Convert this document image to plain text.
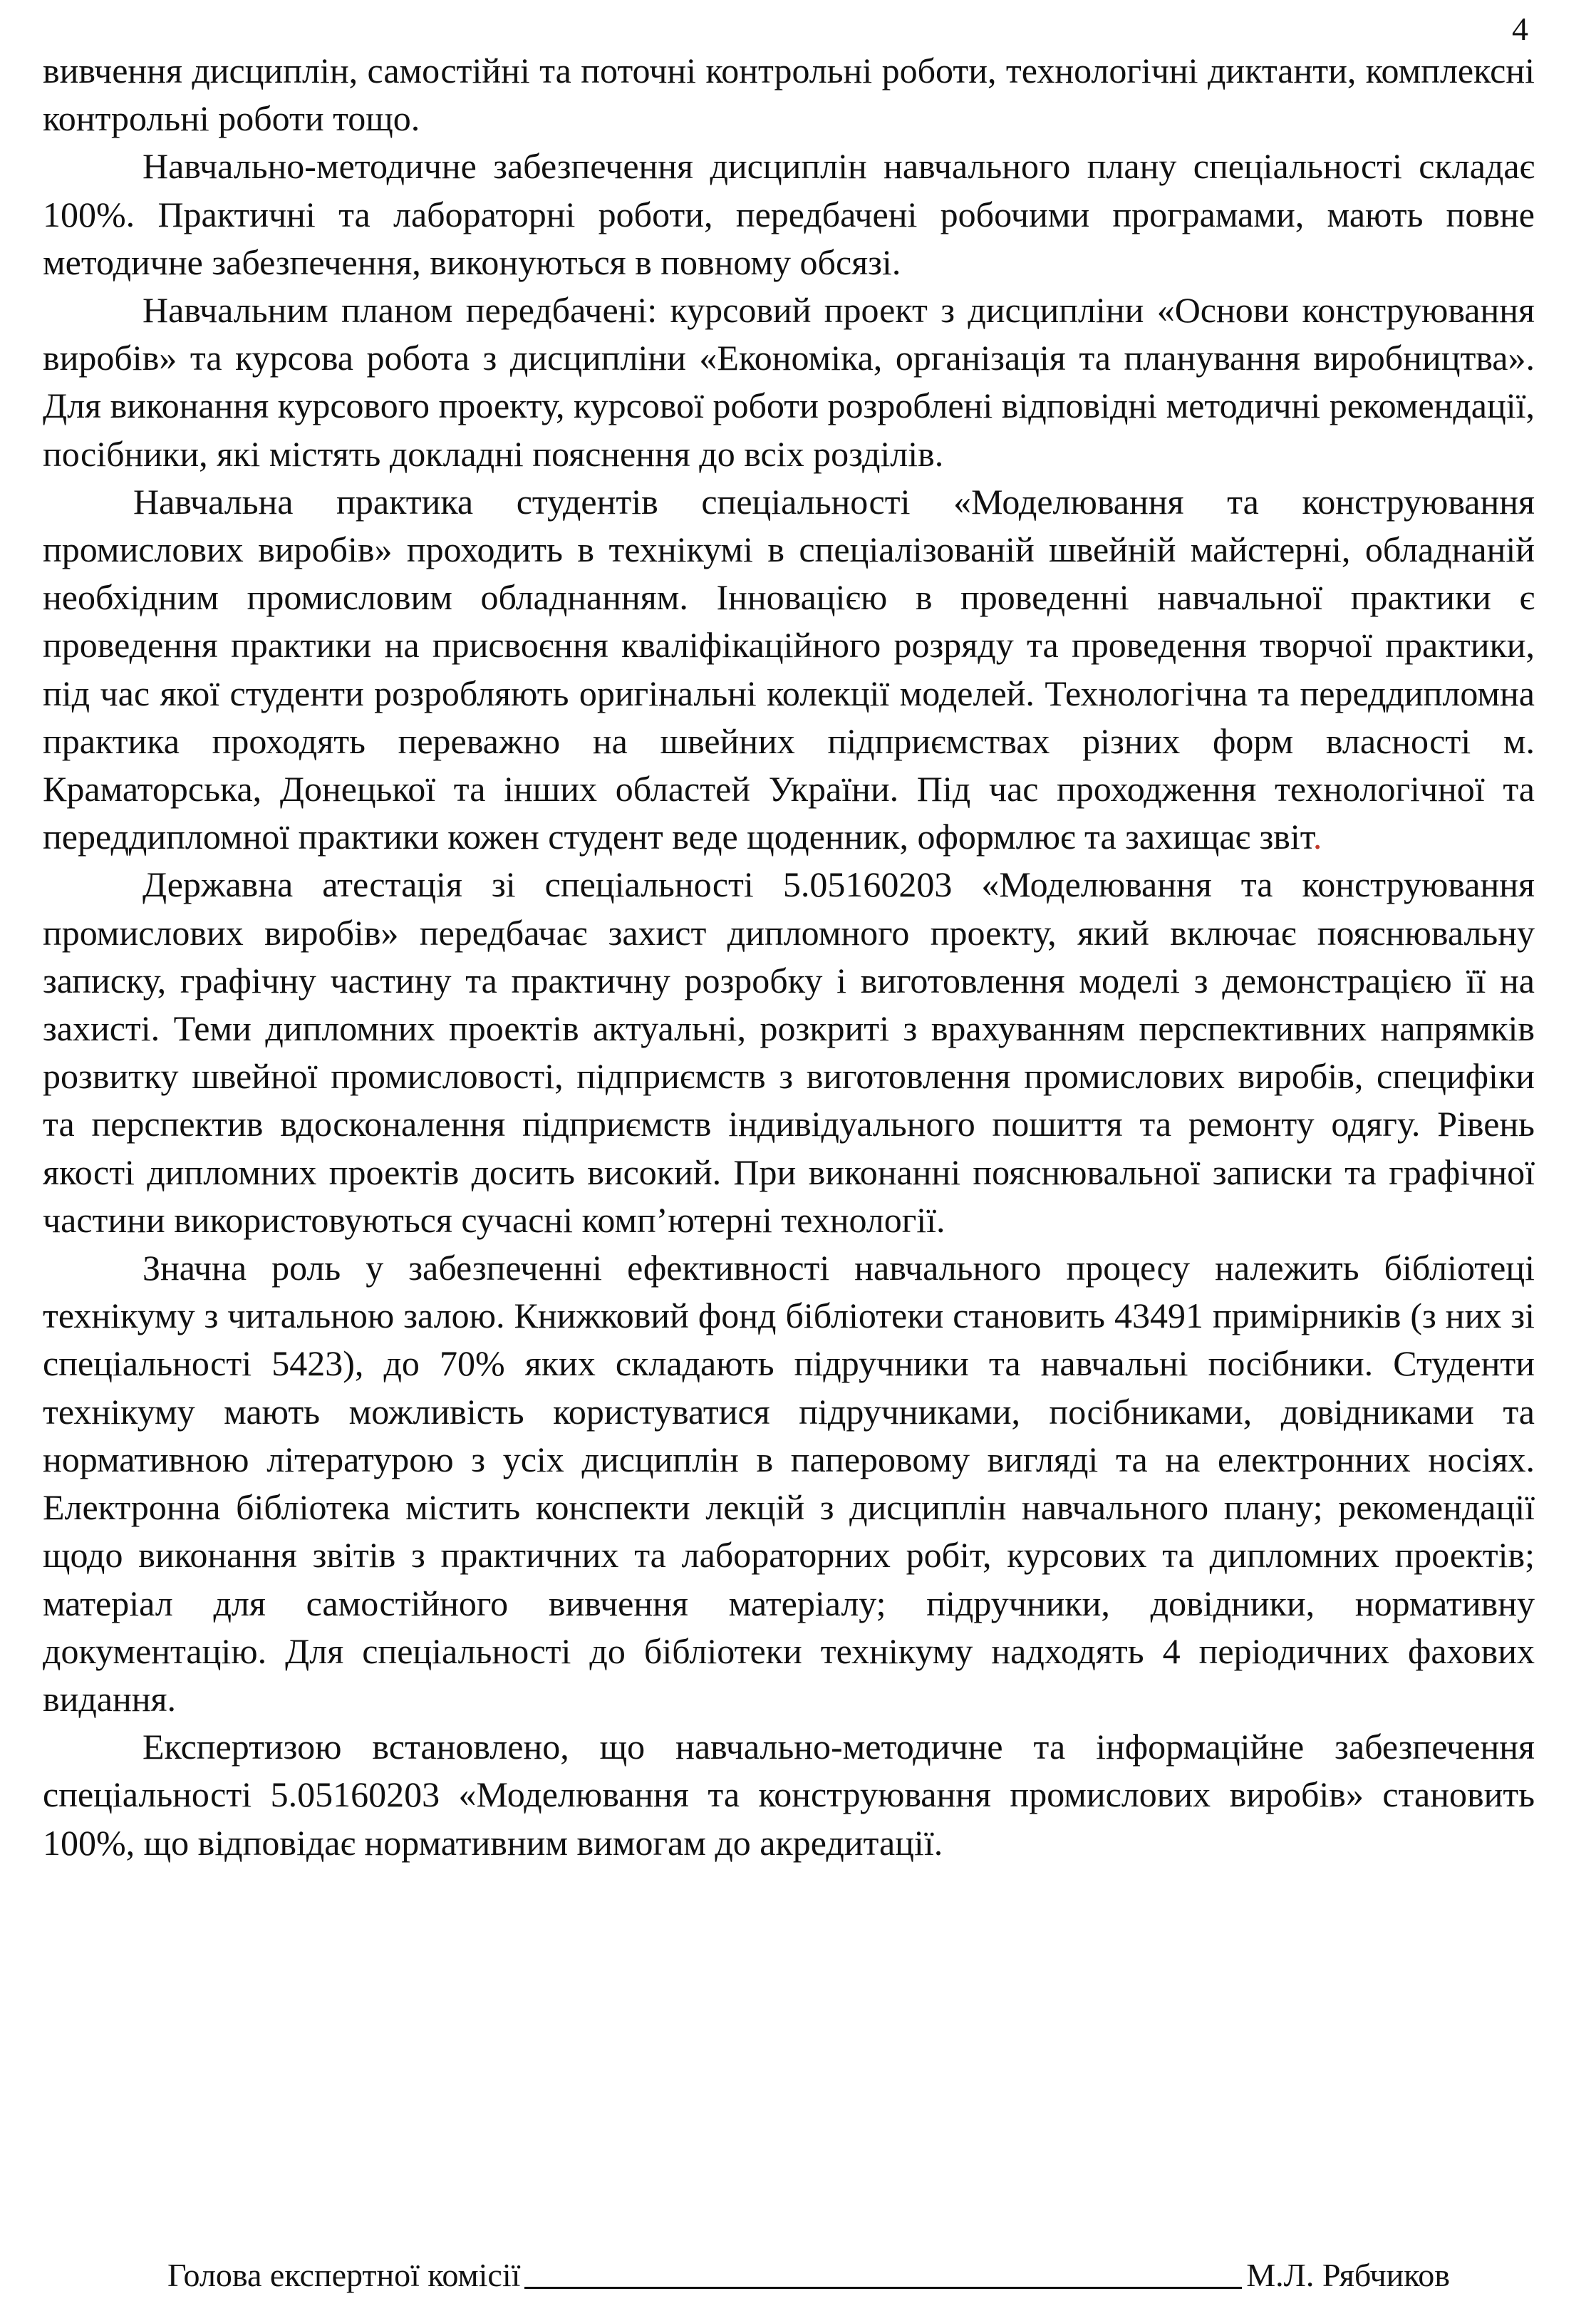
4

вивчення дисциплін, самостійні та поточні контрольні роботи, технологічні диктанти, комплексні контрольні роботи тощо.

Навчально-методичне забезпечення дисциплін навчального плану спеціальності складає 100%. Практичні та лабораторні роботи, передбачені робочими програмами, мають повне методичне забезпечення, виконуються в повному обсязі.

Навчальним планом передбачені: курсовий проект з дисципліни «Основи конструювання виробів» та курсова робота з дисципліни «Економіка, організація та планування виробництва». Для виконання курсового проекту, курсової роботи розроблені відповідні методичні рекомендації, посібники, які містять докладні пояснення до всіх розділів.

Навчальна практика студентів спеціальності «Моделювання та конструювання промислових виробів» проходить в технікумі в спеціалізованій швейній майстерні, обладнаній необхідним промисловим обладнанням. Інновацією в проведенні навчальної практики є проведення практики на присвоєння кваліфікаційного розряду та проведення творчої практики, під час якої студенти розробляють оригінальні колекції моделей. Технологічна та переддипломна практика проходять переважно на швейних підприємствах різних форм власності м. Краматорська, Донецької та інших областей України. Під час проходження технологічної та переддипломної практики кожен студент веде щоденник, оформлює та захищає звіт.

Державна атестація зі спеціальності 5.05160203 «Моделювання та конструювання промислових виробів» передбачає захист дипломного проекту, який включає пояснювальну записку, графічну частину та практичну розробку і виготовлення моделі з демонстрацією її на захисті. Теми дипломних проектів актуальні, розкриті з врахуванням перспективних напрямків розвитку швейної промисловості, підприємств з виготовлення промислових виробів, специфіки та перспектив вдосконалення підприємств індивідуального пошиття та ремонту одягу. Рівень якості дипломних проектів досить високий. При виконанні пояснювальної записки та графічної частини використовуються сучасні комп’ютерні технології.

Значна роль у забезпеченні ефективності навчального процесу належить бібліотеці технікуму з читальною залою. Книжковий фонд бібліотеки становить 43491 примірників (з них зі спеціальності 5423), до 70% яких складають підручники та навчальні посібники. Студенти технікуму мають можливість користуватися підручниками, посібниками, довідниками та нормативною літературою з усіх дисциплін в паперовому вигляді та на електронних носіях. Електронна бібліотека містить конспекти лекцій з дисциплін навчального плану; рекомендації щодо виконання звітів з практичних та лабораторних робіт, курсових та дипломних проектів; матеріал для самостійного вивчення матеріалу; підручники, довідники, нормативну документацію. Для спеціальності до бібліотеки технікуму надходять 4 періодичних фахових видання.

Експертизою встановлено, що навчально-методичне та інформаційне забезпечення спеціальності 5.05160203 «Моделювання та конструювання промислових виробів» становить 100%, що відповідає нормативним вимогам до акредитації.

Голова експертної комісії	М.Л. Рябчиков
